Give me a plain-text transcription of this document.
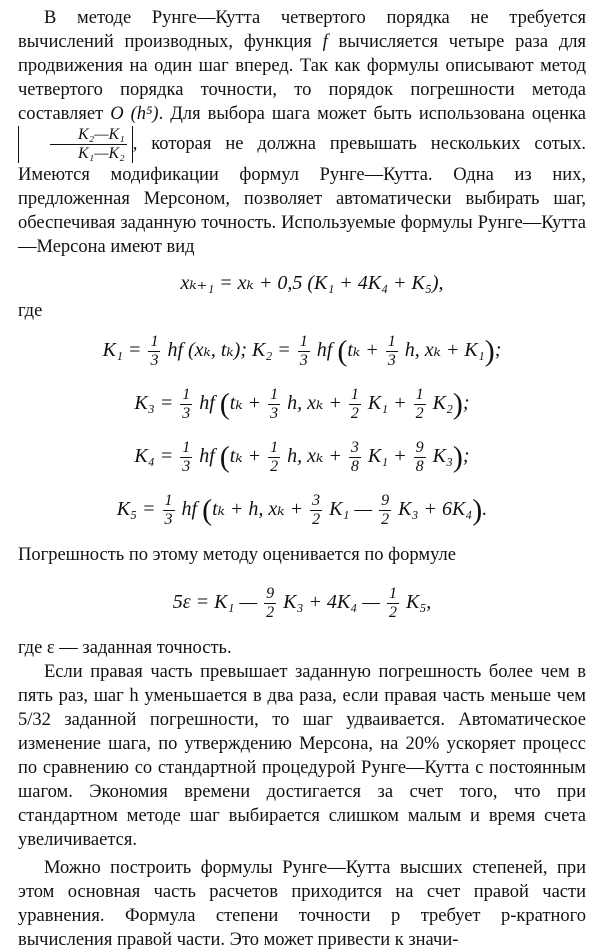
В методе Рунге—Кутта четвертого порядка не требуется вычислений производных, функция f вычисляется четыре раза для продвижения на один шаг вперед. Так как формулы описывают метод четвертого порядка точности, то порядок погрешности метода составляет O (h⁵). Для выбора шага может быть использована оценка
$\frac{\text{K₂—K₁}}{\text{K₁—K₂}}$ , которая не должна превышать нескольких сотых. Имеются модификации формул Рунге—Кутта. Одна из них, предложенная Мерсоном, позволяет автоматически выбирать шаг, обеспечивая заданную точность. Используемые формулы Рунге—Кутта—Мерсона имеют вид

xₖ₊₁ = xₖ + 0,5 (K₁ + 4K₄ + K₅),

где

$K_1 = \frac{1}{3}$ hf (xₖ, tₖ); $K_2 = \frac{1}{3}$ hf ($t_k + \frac{1}{3} h$, xₖ + K₁);
$K_3 = \frac{1}{3}$ hf ($t_k + \frac{1}{3} h$, $x_k + \frac{1}{2} K_1 + \frac{1}{2} K_2$);
$K_4 = \frac{1}{3}$ hf ($t_k + \frac{1}{2} h$, $x_k + \frac{3}{8} K_1 + \frac{9}{8} K_3$);
$K_5 = \frac{1}{3}$ hf (tₖ + h, $x_k + \frac{3}{2} K_1$ — $\frac{9}{2} K_3 + 6K_4$).

Погрешность по этому методу оценивается по формуле

5ε = K₁ — $\frac{9}{2} K_3 + 4K_4$ — $\frac{1}{2} K_5$,

где ε — заданная точность.

Если правая часть превышает заданную погрешность более чем в пять раз, шаг h уменьшается в два раза, если правая часть меньше чем 5/32 заданной погрешности, то шаг удваивается. Автоматическое изменение шага, по утверждению Мерсона, на 20% ускоряет процесс по сравнению со стандартной процедурой Рунге—Кутта с постоянным шагом. Экономия времени достигается за счет того, что при стандартном методе шаг выбирается слишком малым и время счета увеличивается.

Можно построить формулы Рунге—Кутта высших степеней, при этом основная часть расчетов приходится на счет правой части уравнения. Формула степени точности p требует p-кратного вычисления правой части. Это может привести к значи-
